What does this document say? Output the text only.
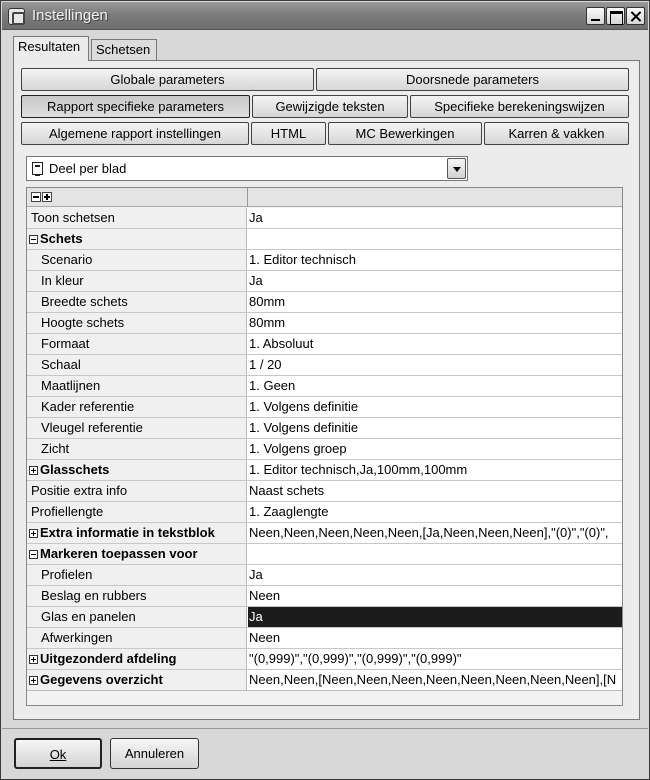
Instellingen
Resultaten	Schetsen
Globale parameters	Doorsnede parameters
Rapport specifieke parameters	Gewijzigde teksten	Specifieke berekeningswijzen
Algemene rapport instellingen	HTML	MC Bewerkingen	Karren & vakken
Deel per blad
Toon schetsen	Ja
Schets
Scenario	1. Editor technisch
In kleur	Ja
Breedte schets	80mm
Hoogte schets	80mm
Formaat	1. Absoluut
Schaal	1 / 20
Maatlijnen	1. Geen
Kader referentie	1. Volgens definitie
Vleugel referentie	1. Volgens definitie
Zicht	1. Volgens groep
Glasschets	1. Editor technisch,Ja,100mm,100mm
Positie extra info	Naast schets
Profiellengte	1. Zaaglengte
Extra informatie in tekstblok	Neen,Neen,Neen,Neen,Neen,[Ja,Neen,Neen,Neen],"(0)","(0)",
Markeren toepassen voor
Profielen	Ja
Beslag en rubbers	Neen
Glas en panelen	Ja
Afwerkingen	Neen
Uitgezonderd afdeling	"(0,999)","(0,999)","(0,999)","(0,999)"
Gegevens overzicht	Neen,Neen,[Neen,Neen,Neen,Neen,Neen,Neen,Neen,Neen],[N
Ok	Annuleren
